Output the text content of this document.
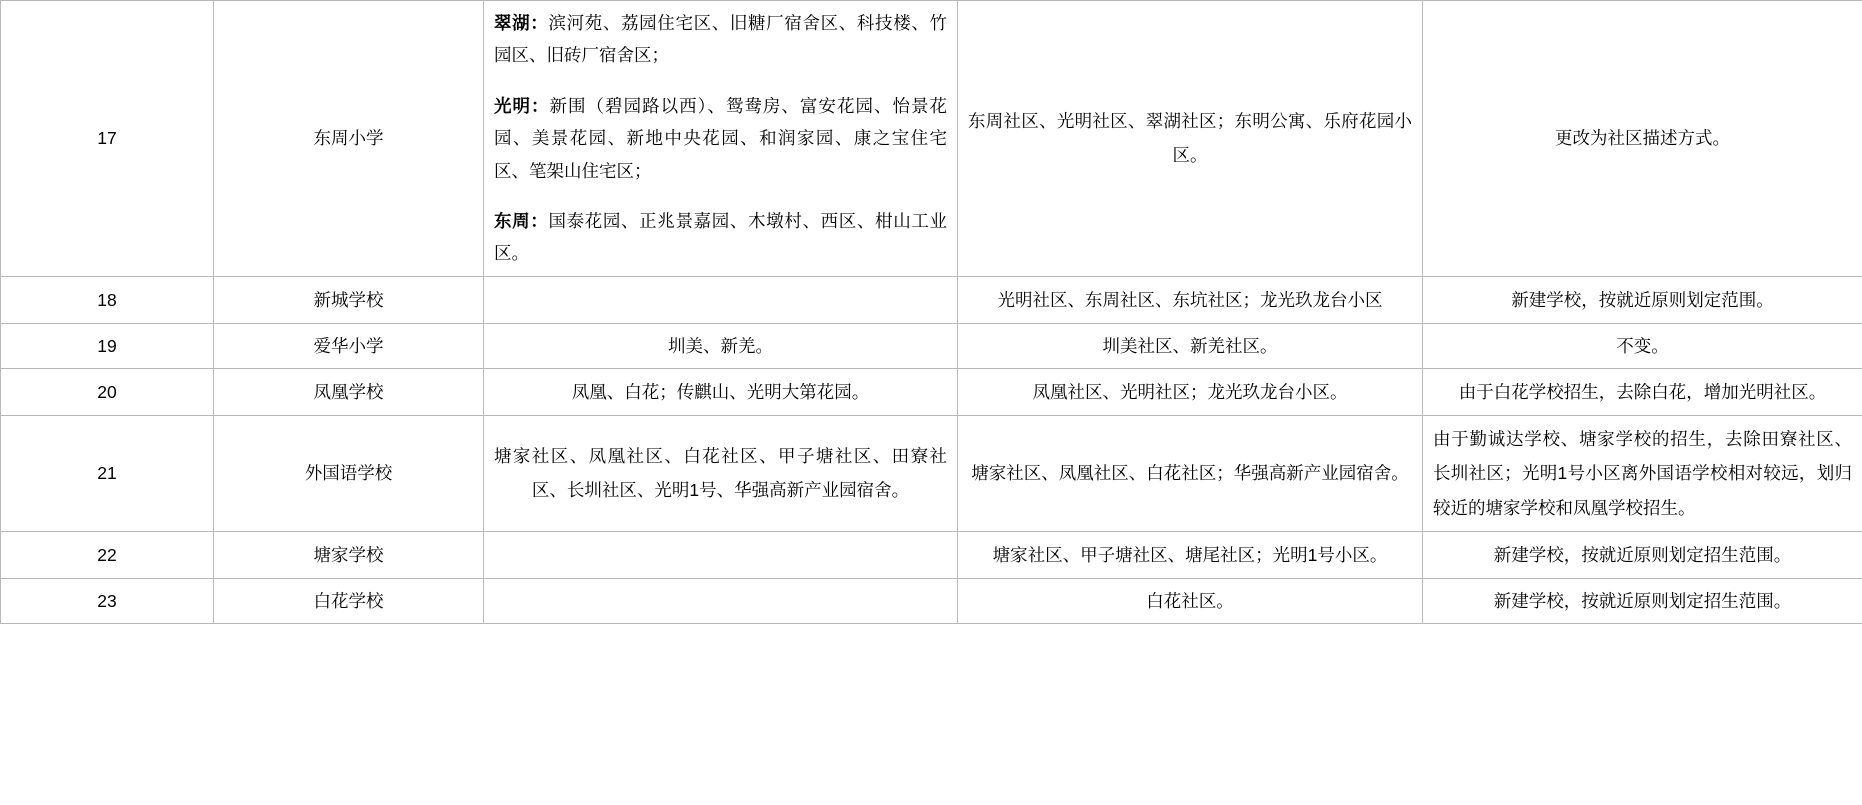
17	东周小学	翠湖：滨河苑、荔园住宅区、旧糖厂宿舍区、科技楼、竹园区、旧砖厂宿舍区；

光明：新围（碧园路以西）、鸳鸯房、富安花园、怡景花园、美景花园、新地中央花园、和润家园、康之宝住宅区、笔架山住宅区；

东周：国泰花园、正兆景嘉园、木墩村、西区、柑山工业区。	东周社区、光明社区、翠湖社区；东明公寓、乐府花园小区。	更改为社区描述方式。
18	新城学校		光明社区、东周社区、东坑社区；龙光玖龙台小区	新建学校，按就近原则划定范围。
19	爱华小学	圳美、新羌。	圳美社区、新羌社区。	不变。
20	凤凰学校	凤凰、白花；传麒山、光明大第花园。	凤凰社区、光明社区；龙光玖龙台小区。	由于白花学校招生，去除白花，增加光明社区。

21	外国语学校	塘家社区、凤凰社区、白花社区、甲子塘社区、田寮社区、长圳社区、光明1号、华强高新产业园宿舍。	塘家社区、凤凰社区、白花社区；华强高新产业园宿舍。	由于勤诚达学校、塘家学校的招生，去除田寮社区、长圳社区；光明1号小区离外国语学校相对较远，划归较近的塘家学校和凤凰学校招生。

22	塘家学校		塘家社区、甲子塘社区、塘尾社区；光明1号小区。	新建学校，按就近原则划定招生范围。
23	白花学校		白花社区。	新建学校，按就近原则划定招生范围。
